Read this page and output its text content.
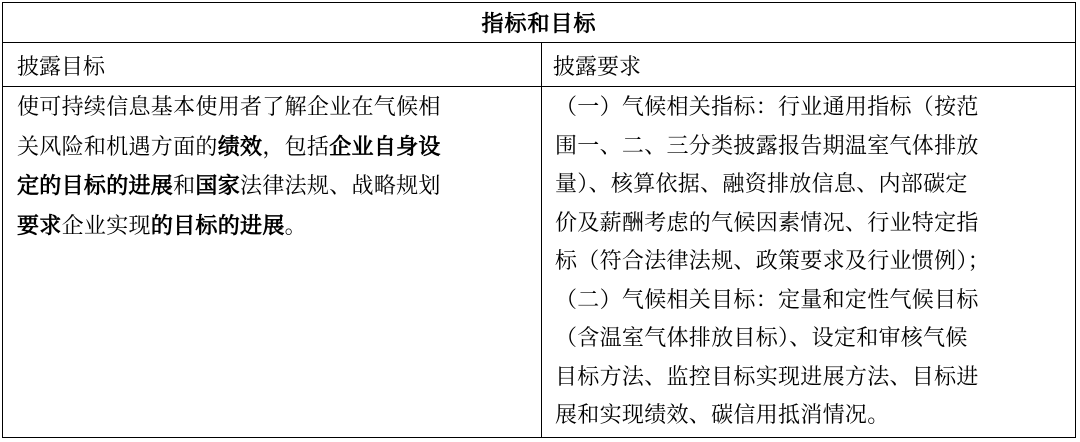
指标和目标
披露目标	披露要求
使可持续信息基本使用者了解企业在气候相
关风险和机遇方面的绩效，包括企业自身设
定的目标的进展和国家法律法规、战略规划
要求企业实现的目标的进展。
（一）气候相关指标：行业通用指标（按范
围一、二、三分类披露报告期温室气体排放
量）、核算依据、融资排放信息、内部碳定
价及薪酬考虑的气候因素情况、行业特定指
标（符合法律法规、政策要求及行业惯例）；
（二）气候相关目标：定量和定性气候目标
（含温室气体排放目标）、设定和审核气候
目标方法、监控目标实现进展方法、目标进
展和实现绩效、碳信用抵消情况。
